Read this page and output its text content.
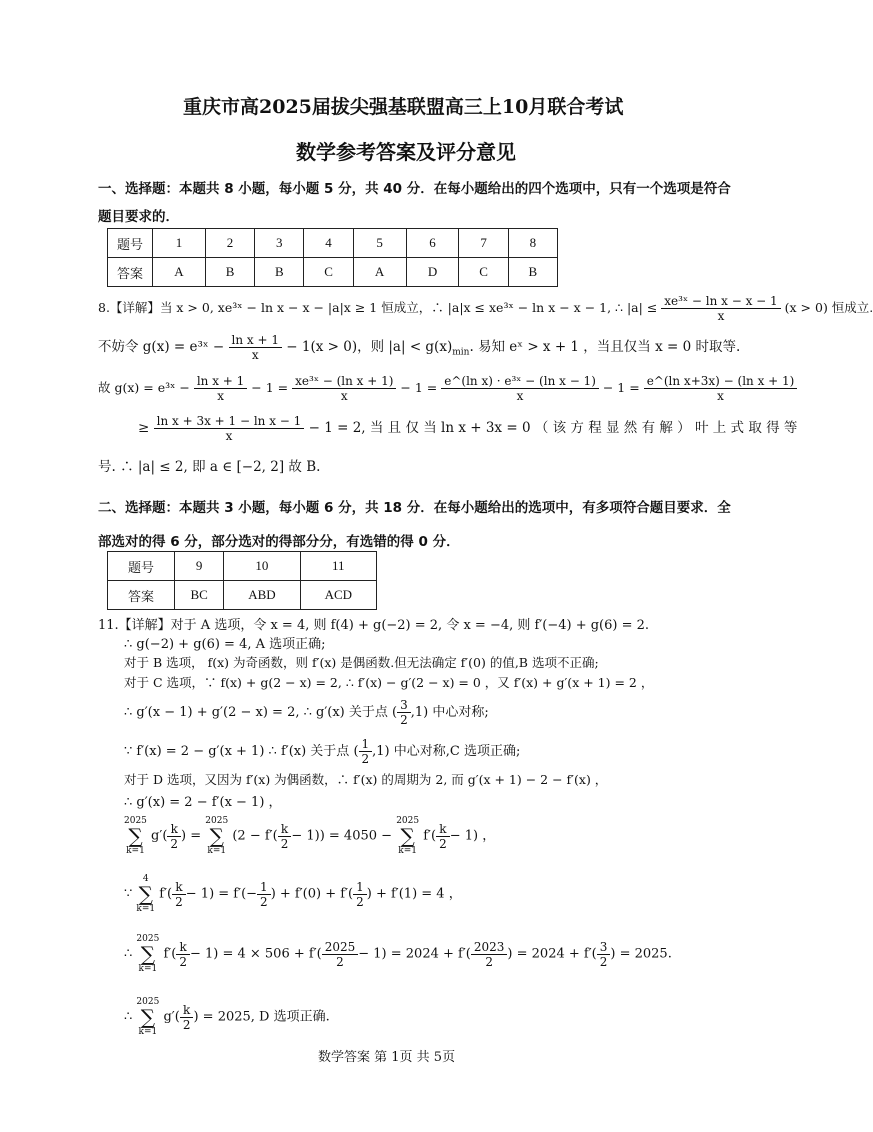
重庆市高2025届拔尖强基联盟高三上10月联合考试
数学参考答案及评分意见
一、选择题：本题共 8 小题，每小题 5 分，共 40 分．在每小题给出的四个选项中，只有一个选项是符合
题目要求的．
题号	1	2	3	4	5	6	7	8
答案	A	B	B	C	A	D	C	B
8.【详解】当 x > 0, xe³ˣ − ln x − x − |a|x ≥ 1 恒成立，∴ |a|x ≤ xe³ˣ − ln x − x − 1, ∴ $|a| \le \frac{\text{xe³ˣ − ln x − x − 1}}{x} (x > 0)$ 恒成立.
不妨令 g(x) = e³ˣ − $\frac{\text{ln x + 1}}{x} - 1(x > 0)$，则 $|a| < g(x)_{min}$. 易知 eˣ > x + 1 ，当且仅当 x = 0 时取等.
故 g(x) = e³ˣ − $\frac{\text{ln x + 1}}{x} - 1 = \frac{\text{xe³ˣ − (ln x + 1)}}{x} - 1 = \frac{\text{e\textasciicircum{}(ln x) · e³ˣ − (ln x − 1)}}{x} - 1 = \frac{\text{e\textasciicircum{}(ln x+3x) − (ln x + 1)}}{x}$
≥ $\frac{\text{ln x + 3x + 1 − ln x − 1}}{x} - 1 = 2$, 当 且 仅 当 ln x + 3x = 0 （ 该 方 程 显 然 有 解 ） 叶 上 式 取 得 等
号. ∴ |a| ≤ 2, 即 a ∈ [−2, 2] 故 B.
二、选择题：本题共 3 小题，每小题 6 分，共 18 分．在每小题给出的选项中，有多项符合题目要求．全
部选对的得 6 分，部分选对的得部分分，有选错的得 0 分．
题号	9	10	11
答案	BC	ABD	ACD
11.【详解】对于 A 选项，令 x = 4, 则 f(4) + g(−2) = 2, 令 x = −4, 则 f′(−4) + g(6) = 2.
∴ g(−2) + g(6) = 4, A 选项正确;
对于 B 选项， f(x) 为奇函数，则 f′(x) 是偶函数.但无法确定 f′(0) 的值,B 选项不正确;
对于 C 选项，∵ f(x) + g(2 − x) = 2, ∴ f′(x) − g′(2 − x) = 0 ，又 f′(x) + g′(x + 1) = 2 ，
∴ g′(x − 1) + g′(2 − x) = 2, ∴ g′(x) 关于点 ( $\frac{3}{2} ,1$) 中心对称;
∵ f′(x) = 2 − g′(x + 1) ∴ f′(x) 关于点 ( $\frac{1}{2} ,1$) 中心对称,C 选项正确;
对于 D 选项，又因为 f′(x) 为偶函数，∴ f′(x) 的周期为 2, 而 g′(x + 1) − 2 − f′(x) ，
∴ g′(x) = 2 − f′(x − 1) ，
2025
∑
k=1 $g'( \frac{k}{2}$ ) = 2025
∑
k=1 $(2 - f'( \frac{k}{2} - 1)) = 4050 - 2025$
∑
k=1 $f'( \frac{k}{2} - 1)$ ，
∵ 4
∑
k=1 $f'( \frac{k}{2} - 1) = f'(- \frac{1}{2}$ ) + $f'(0) + f'( \frac{1}{2}$ ) + f′(1) = 4 ，
∴ 2025
∑
k=1 $f'( \frac{k}{2} - 1) = 4 \times 506 + f'( \frac{2025}{2} - 1) = 2024 + f'( \frac{2023}{2}$ ) = $2024 + f'( \frac{3}{2}$ ) = 2025.
∴ 2025
∑
k=1 $g'( \frac{k}{2}$ ) = 2025, D 选项正确.
数学答案 第 1页 共 5页
